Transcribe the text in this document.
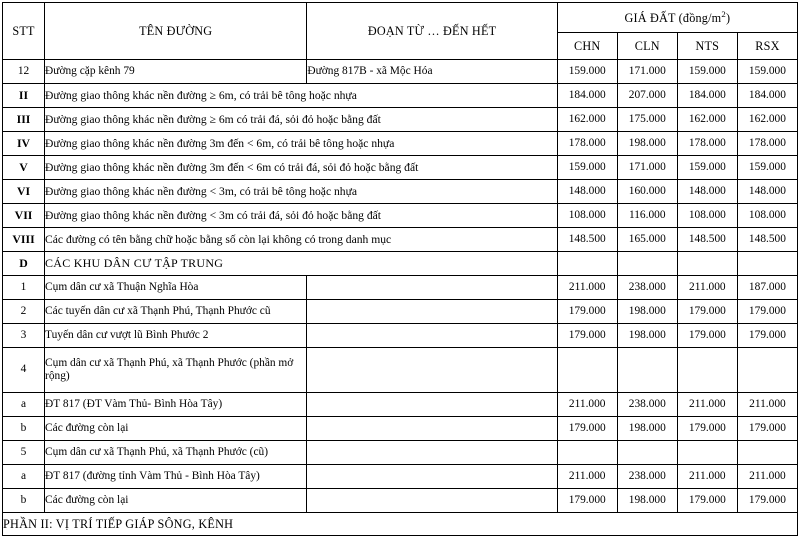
STT	TÊN ĐƯỜNG	ĐOẠN TỪ … ĐẾN HẾT	GIÁ ĐẤT $(đồng/m^2)$			
			CHN	CLN	NTS	RSX
12	Đường cặp kênh 79	Đường 817B - xã Mộc Hóa	159.000	171.000	159.000	159.000
II	Đường giao thông khác nền đường ≥ 6m, có trải bê tông hoặc nhựa		184.000	207.000	184.000	184.000
III	Đường giao thông khác nền đường ≥ 6m có trải đá, sỏi đỏ hoặc bằng đất		162.000	175.000	162.000	162.000
IV	Đường giao thông khác nền đường 3m đến < 6m, có trải bê tông hoặc nhựa		178.000	198.000	178.000	178.000
V	Đường giao thông khác nền đường 3m đến < 6m có trải đá, sỏi đỏ hoặc bằng đất		159.000	171.000	159.000	159.000
VI	Đường giao thông khác nền đường < 3m, có trải bê tông hoặc nhựa		148.000	160.000	148.000	148.000
VII	Đường giao thông khác nền đường < 3m có trải đá, sỏi đỏ hoặc bằng đất		108.000	116.000	108.000	108.000
VIII	Các đường có tên bằng chữ hoặc bằng số còn lại không có trong danh mục		148.500	165.000	148.500	148.500
D	CÁC KHU DÂN CƯ TẬP TRUNG					
1	Cụm dân cư xã Thuận Nghĩa Hòa		211.000	238.000	211.000	187.000
2	Các tuyến dân cư xã Thạnh Phú, Thạnh Phước cũ		179.000	198.000	179.000	179.000
3	Tuyến dân cư vượt lũ Bình Phước 2		179.000	198.000	179.000	179.000
4	Cụm dân cư xã Thạnh Phú, xã Thạnh Phước (phần mở rộng)					
a	ĐT 817 (ĐT Vàm Thủ- Bình Hòa Tây)		211.000	238.000	211.000	211.000
b	Các đường còn lại		179.000	198.000	179.000	179.000
5	Cụm dân cư xã Thạnh Phú, xã Thạnh Phước (cũ)					
a	ĐT 817 (đường tỉnh Vàm Thủ - Bình Hòa Tây)		211.000	238.000	211.000	211.000
b	Các đường còn lại		179.000	198.000	179.000	179.000
PHẦN II: VỊ TRÍ TIẾP GIÁP SÔNG, KÊNH						
